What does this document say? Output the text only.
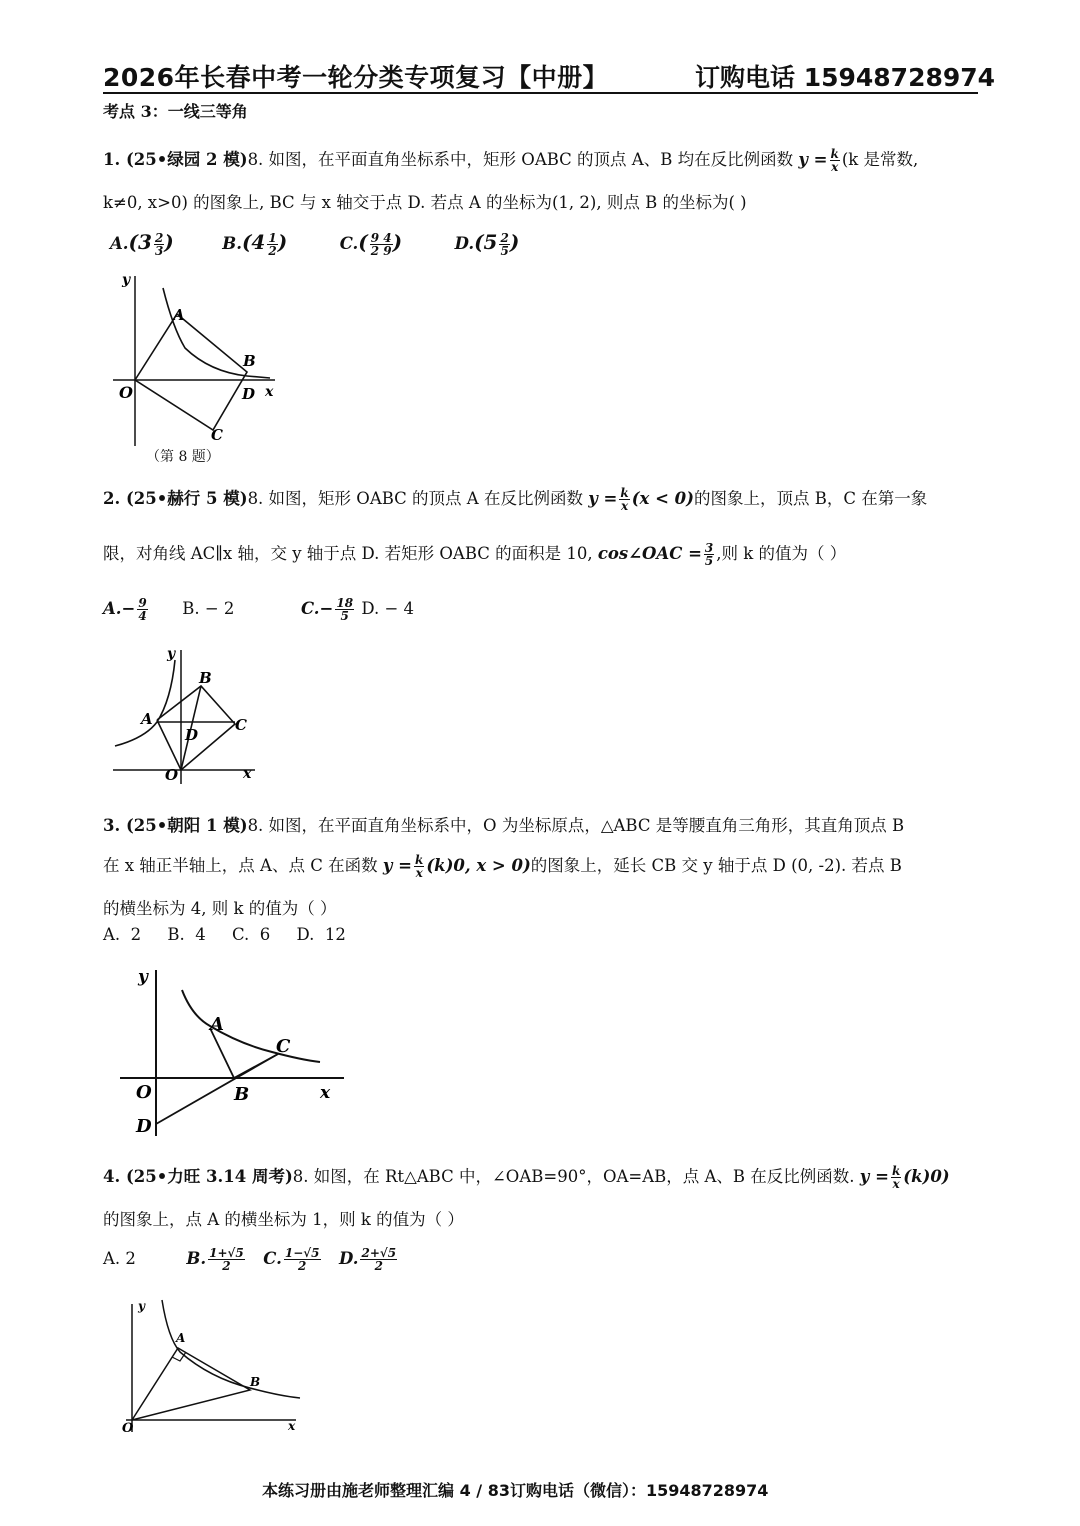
2026年长春中考一轮分类专项复习【中册】	订购电话 15948728974
考点 3：一线三等角
1. (25•绿园 2 模)8. 如图，在平面直角坐标系中，矩形 OABC 的顶点 A、B 均在反比例函数 $y = \frac{k}{x} (k$ 是常数,
k≠0, x>0) 的图象上, BC 与 x 轴交于点 D. 若点 A 的坐标为(1, 2), 则点 B 的坐标为( )
$A.(3 \frac{2}{3}$ )	$B.(4 \frac{1}{2}$ )	$C.( \frac{9 4}{2 9}$ )	$D.(5 \frac{2}{5}$ )
y
x
O
A
B
D
C
（第 8 题）
2. (25•赫行 5 模)8. 如图，矩形 OABC 的顶点 A 在反比例函数 $y = \frac{k}{x} (x < 0)$的图象上，顶点 B，C 在第一象
限，对角线 AC∥x 轴，交 y 轴于点 D. 若矩形 OABC 的面积是 10, cos∠OAC = $\frac{3}{5}$ ,则 k 的值为（ ）
$A.- \frac{9}{4} B$. − 2	$C.- \frac{18}{5} D$. − 4
y
x
O
A
B
C
D
3. (25•朝阳 1 模)8. 如图，在平面直角坐标系中，O 为坐标原点，△ABC 是等腰直角三角形，其直角顶点 B
在 x 轴正半轴上，点 A、点 C 在函数 $y = \frac{k}{x} (k)0$, x > 0)的图象上，延长 CB 交 y 轴于点 D (0, -2). 若点 B
的横坐标为 4, 则 k 的值为（ ）
A.  2     B.  4     C.  6     D.  12
y
x
O
A
C
B
D
4. (25•力旺 3.14 周考)8. 如图，在 Rt△ABC 中，∠OAB=90°，OA=AB，点 A、B 在反比例函数. $y = \frac{k}{x} (k)0$)
的图象上，点 A 的横坐标为 1，则 k 的值为（ ）
A. 2	B. $\frac{1+√5}{2} C$. $\frac{1-√5}{2} D$. $\frac{2+√5}{2}$
y
x
O
A
B
本练习册由施老师整理汇编 4 / 83订购电话（微信）：15948728974
